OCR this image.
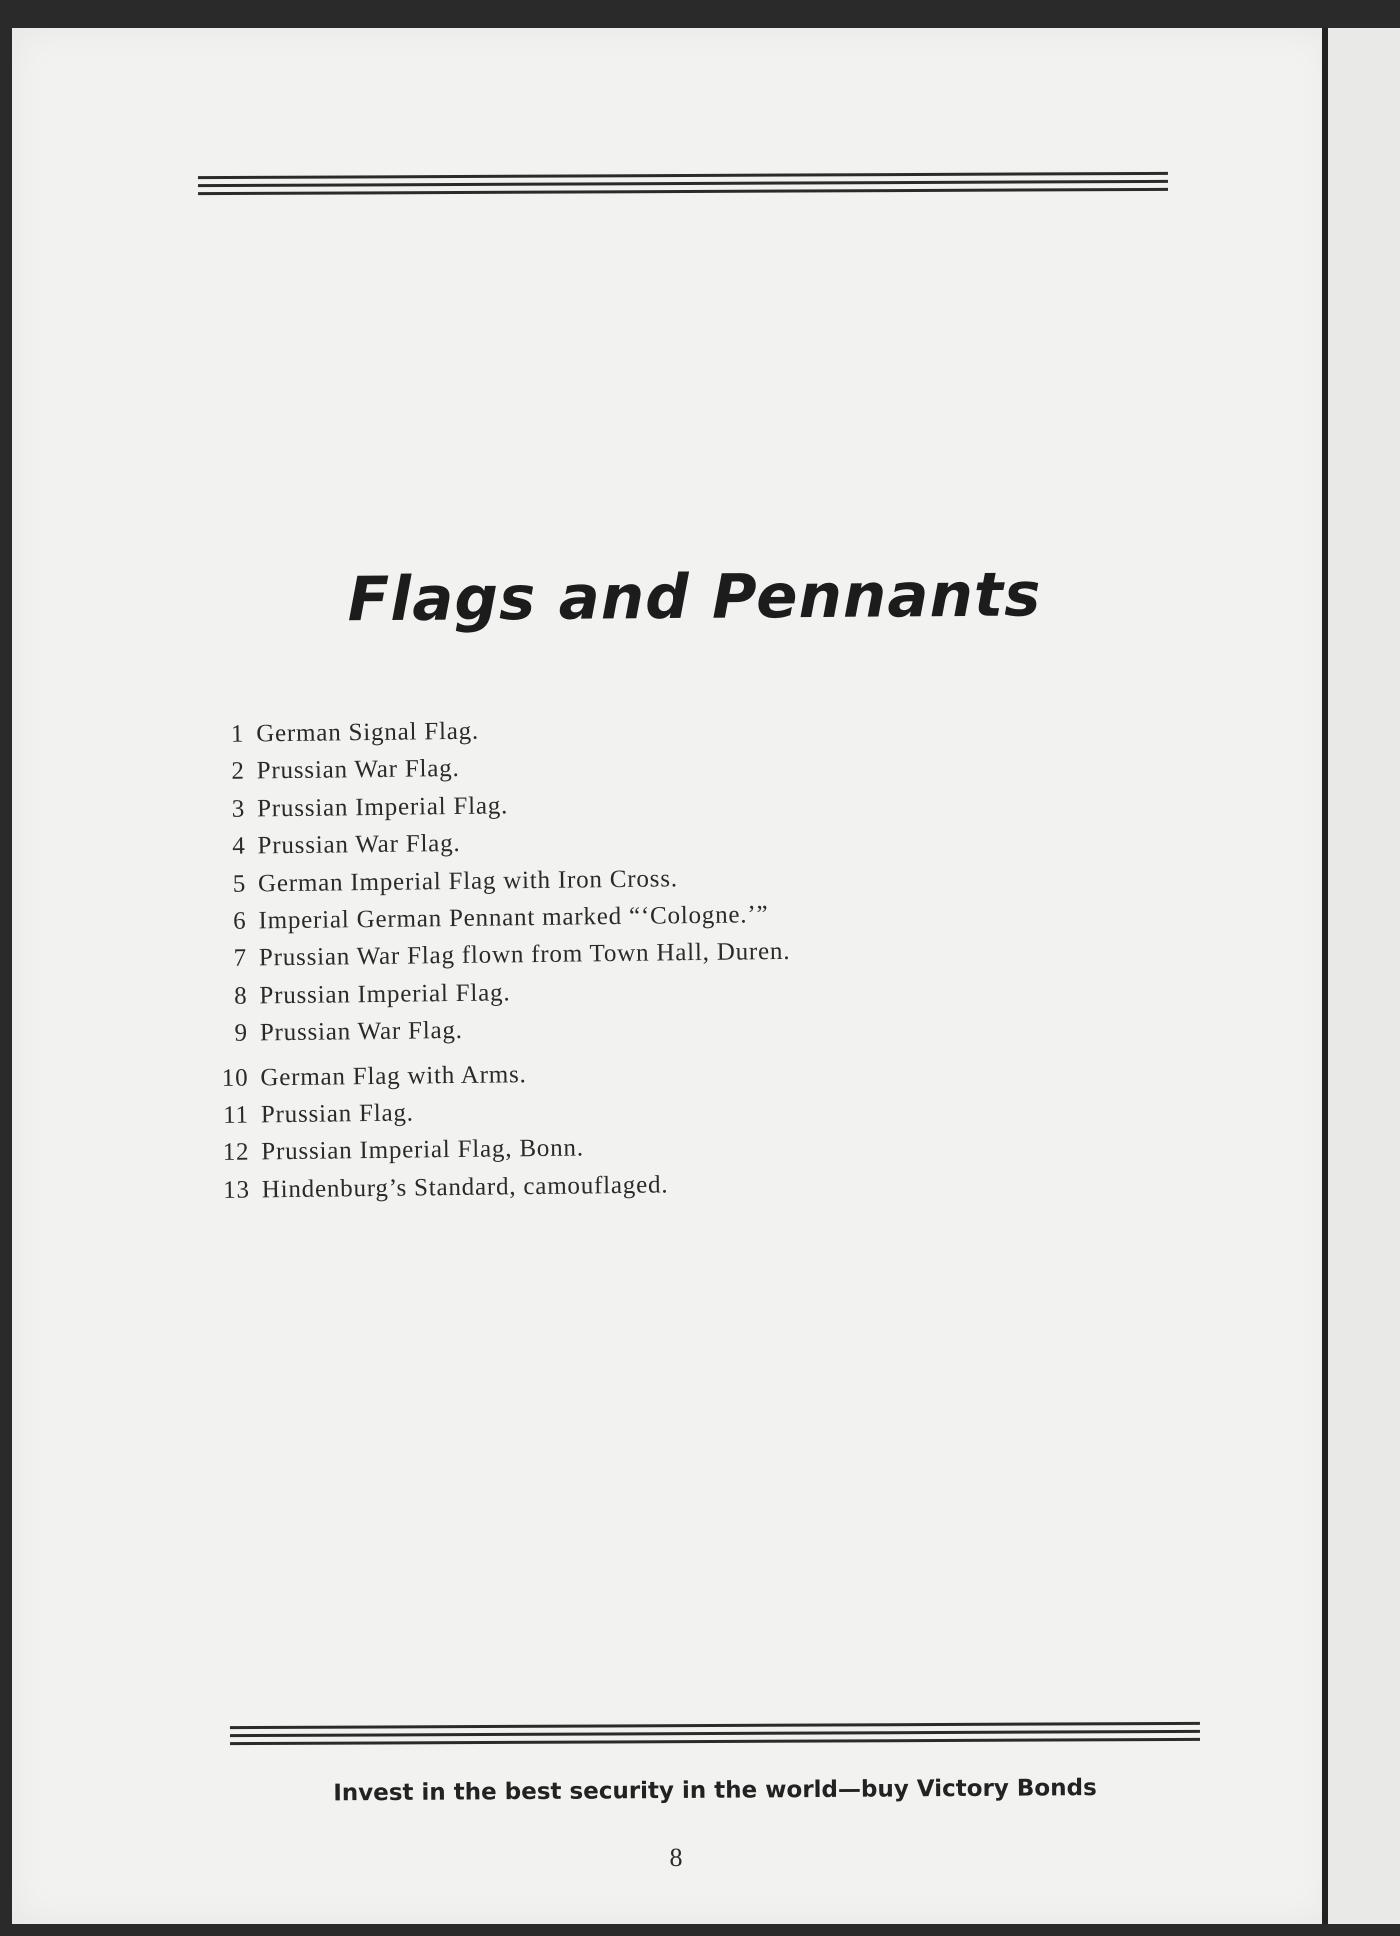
Flags and Pennants
1 German Signal Flag.
2 Prussian War Flag.
3 Prussian Imperial Flag.
4 Prussian War Flag.
5 German Imperial Flag with Iron Cross.
6 Imperial German Pennant marked “‘Cologne.’”
7 Prussian War Flag flown from Town Hall, Duren.
8 Prussian Imperial Flag.
9 Prussian War Flag.
10 German Flag with Arms.
11 Prussian Flag.
12 Prussian Imperial Flag, Bonn.
13 Hindenburg’s Standard, camouflaged.
Invest in the best security in the world—buy Victory Bonds
8
